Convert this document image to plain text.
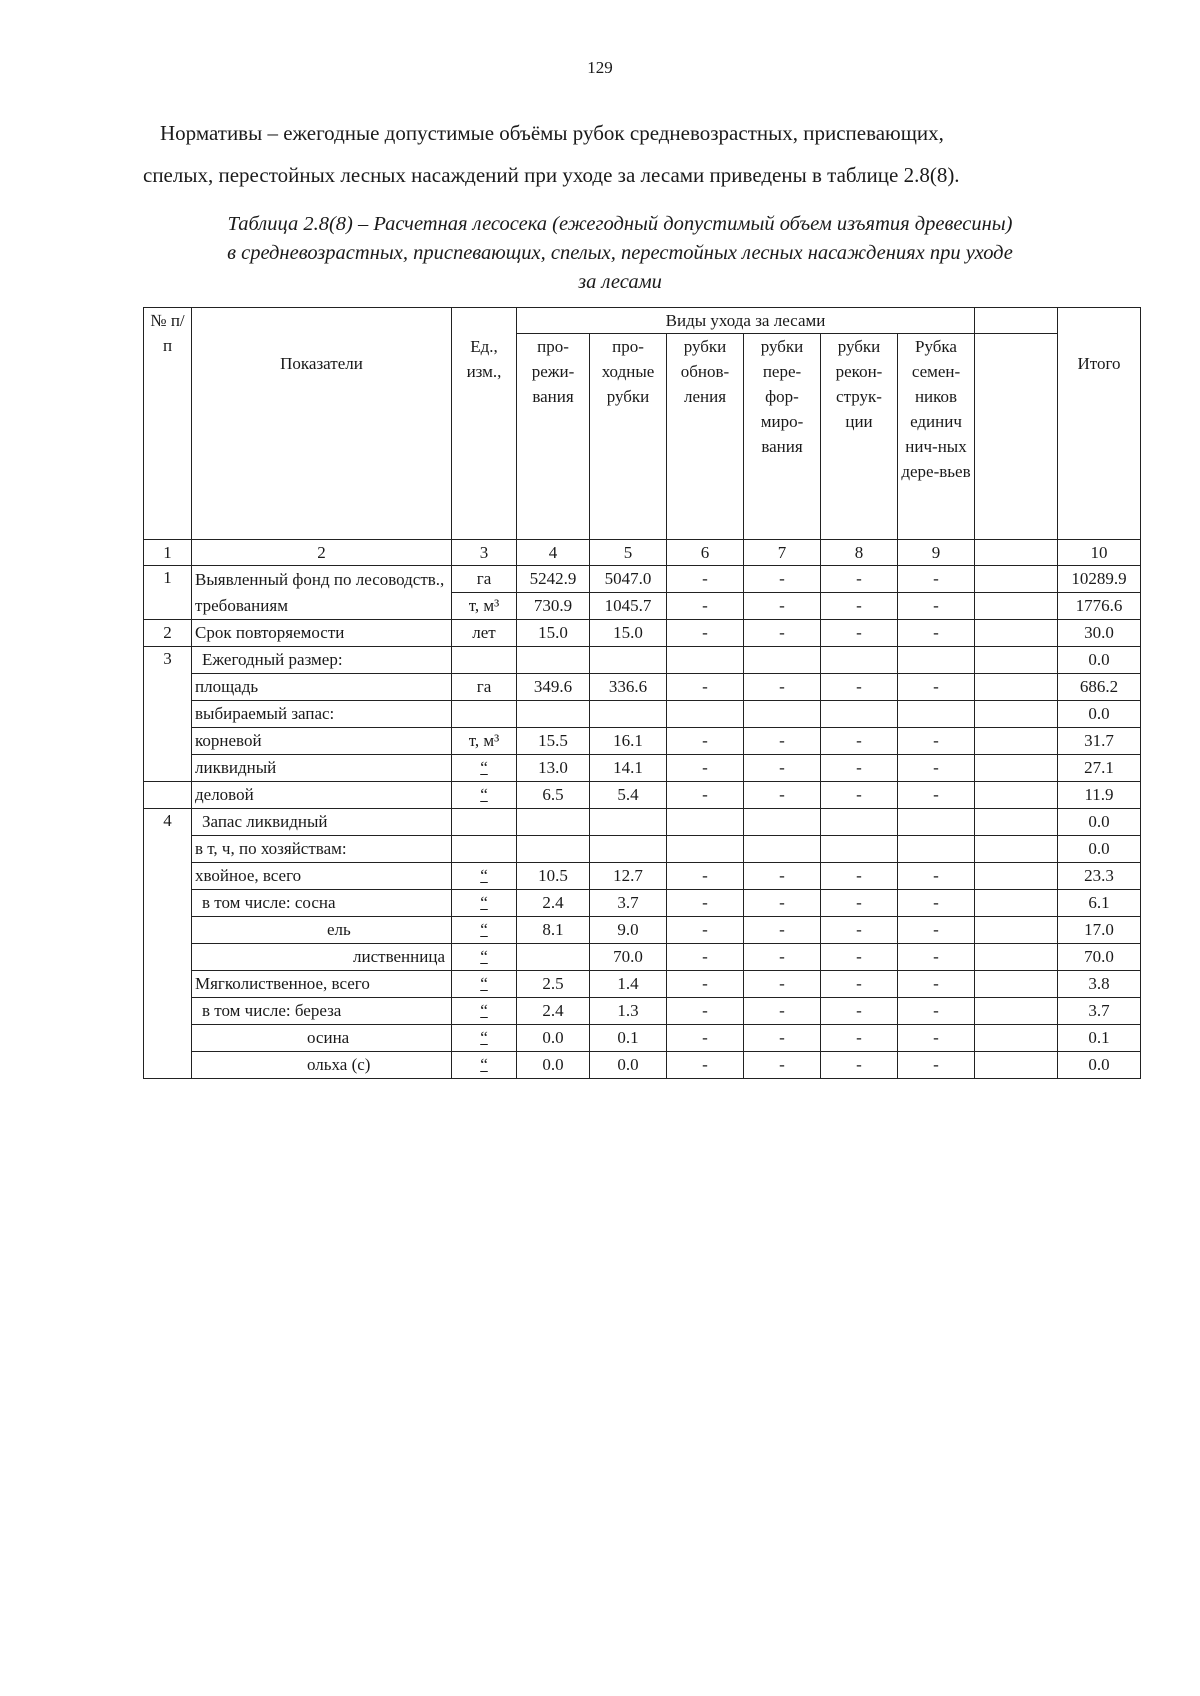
129
Нормативы – ежегодные допустимые объёмы рубок средневозрастных, приспевающих,
спелых, перестойных лесных насаждений при уходе за лесами приведены в таблице 2.8(8).
Таблица 2.8(8) – Расчетная лесосека (ежегодный допустимый объем изъятия древесины)
в средневозрастных, приспевающих, спелых, перестойных лесных насаждениях при уходе
за лесами
№ п/п	Показатели	Ед., изм.,	Виды ухода за лесами							Итого
			про-режи-вания	про-ходные рубки	рубки обнов-ления	рубки пере-фор-миро-вания	рубки рекон-струк-ции	Рубка семен-ников единич нич-ных дере-вьев		
1	2	3	4	5	6	7	8	9		10
1	Выявленный фонд по лесоводств., требованиям	га	5242.9	5047.0	-	-	-	-		10289.9
		т, м³	730.9	1045.7	-	-	-	-		1776.6
2	Срок повторяемости	лет	15.0	15.0	-	-	-	-		30.0
3	Ежегодный размер:									0.0
	площадь	га	349.6	336.6	-	-	-	-		686.2
	выбираемый запас:									0.0
	корневой	т, м³	15.5	16.1	-	-	-	-		31.7
	ликвидный	“	13.0	14.1	-	-	-	-		27.1
	деловой	“	6.5	5.4	-	-	-	-		11.9
4	Запас ликвидный									0.0
	в т, ч, по хозяйствам:									0.0
	хвойное, всего	“	10.5	12.7	-	-	-	-		23.3
	в том числе: сосна	“	2.4	3.7	-	-	-	-		6.1
	ель	“	8.1	9.0	-	-	-	-		17.0
	лиственница	“		70.0	-	-	-	-		70.0
	Мягколиственное, всего	“	2.5	1.4	-	-	-	-		3.8
	в том числе: береза	“	2.4	1.3	-	-	-	-		3.7
	осина	“	0.0	0.1	-	-	-	-		0.1
	ольха (с)	“	0.0	0.0	-	-	-	-		0.0
